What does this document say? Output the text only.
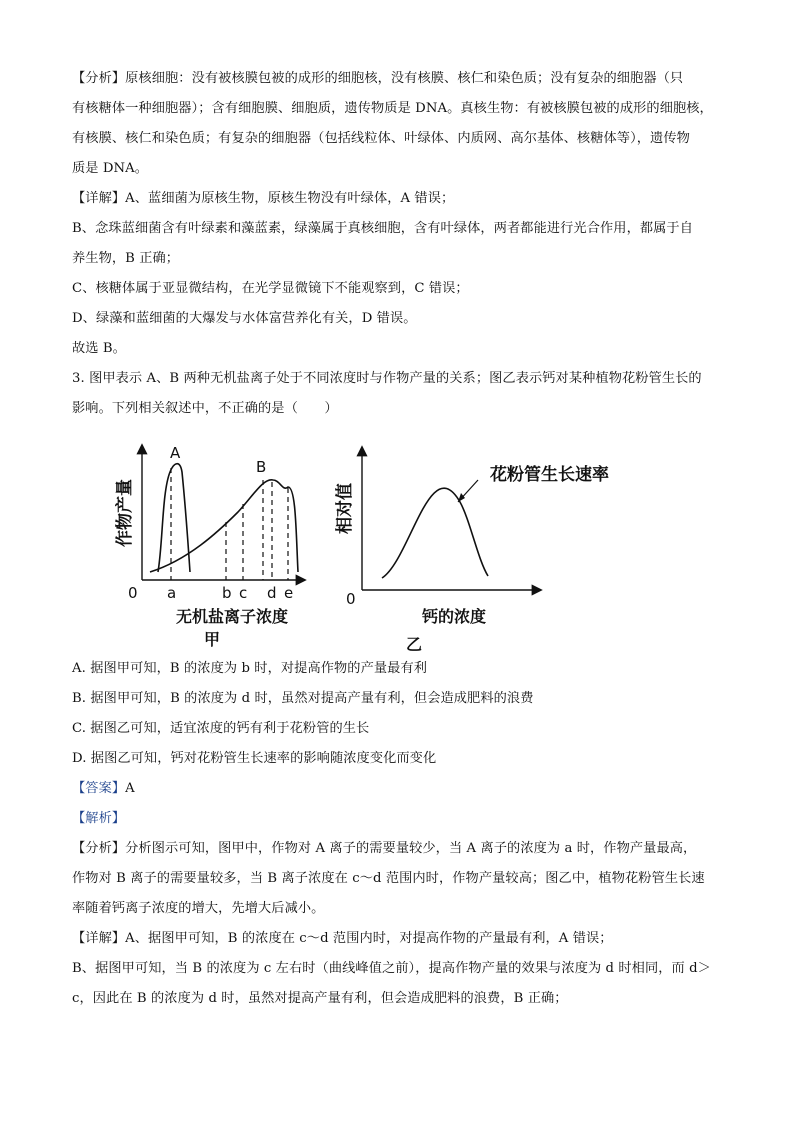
【分析】原核细胞：没有被核膜包被的成形的细胞核，没有核膜、核仁和染色质；没有复杂的细胞器（只
有核糖体一种细胞器）；含有细胞膜、细胞质，遗传物质是 DNA。真核生物：有被核膜包被的成形的细胞核，
有核膜、核仁和染色质；有复杂的细胞器（包括线粒体、叶绿体、内质网、高尔基体、核糖体等），遗传物
质是 DNA。
【详解】A、蓝细菌为原核生物，原核生物没有叶绿体，A 错误；
B、念珠蓝细菌含有叶绿素和藻蓝素，绿藻属于真核细胞，含有叶绿体，两者都能进行光合作用，都属于自
养生物，B 正确；
C、核糖体属于亚显微结构，在光学显微镜下不能观察到，C 错误；
D、绿藻和蓝细菌的大爆发与水体富营养化有关，D 错误。
故选 B。
3. 图甲表示 A、B 两种无机盐离子处于不同浓度时与作物产量的关系；图乙表示钙对某种植物花粉管生长的
影响。下列相关叙述中，不正确的是（　　）
作物产量
0
A
B
a	b c d e
无机盐离子浓度
甲
相对值
0
花粉管生长速率
钙的浓度
乙
A. 据图甲可知，B 的浓度为 b 时，对提高作物的产量最有利
B. 据图甲可知，B 的浓度为 d 时，虽然对提高产量有利，但会造成肥料的浪费
C. 据图乙可知，适宜浓度的钙有利于花粉管的生长
D. 据图乙可知，钙对花粉管生长速率的影响随浓度变化而变化
【答案】A
【解析】
【分析】分析图示可知，图甲中，作物对 A 离子的需要量较少，当 A 离子的浓度为 a 时，作物产量最高，
作物对 B 离子的需要量较多，当 B 离子浓度在 c～d 范围内时，作物产量较高；图乙中，植物花粉管生长速
率随着钙离子浓度的增大，先增大后减小。
【详解】A、据图甲可知，B 的浓度在 c～d 范围内时，对提高作物的产量最有利，A 错误；
B、据图甲可知，当 B 的浓度为 c 左右时（曲线峰值之前），提高作物产量的效果与浓度为 d 时相同，而 d＞
c，因此在 B 的浓度为 d 时，虽然对提高产量有利，但会造成肥料的浪费，B 正确；
